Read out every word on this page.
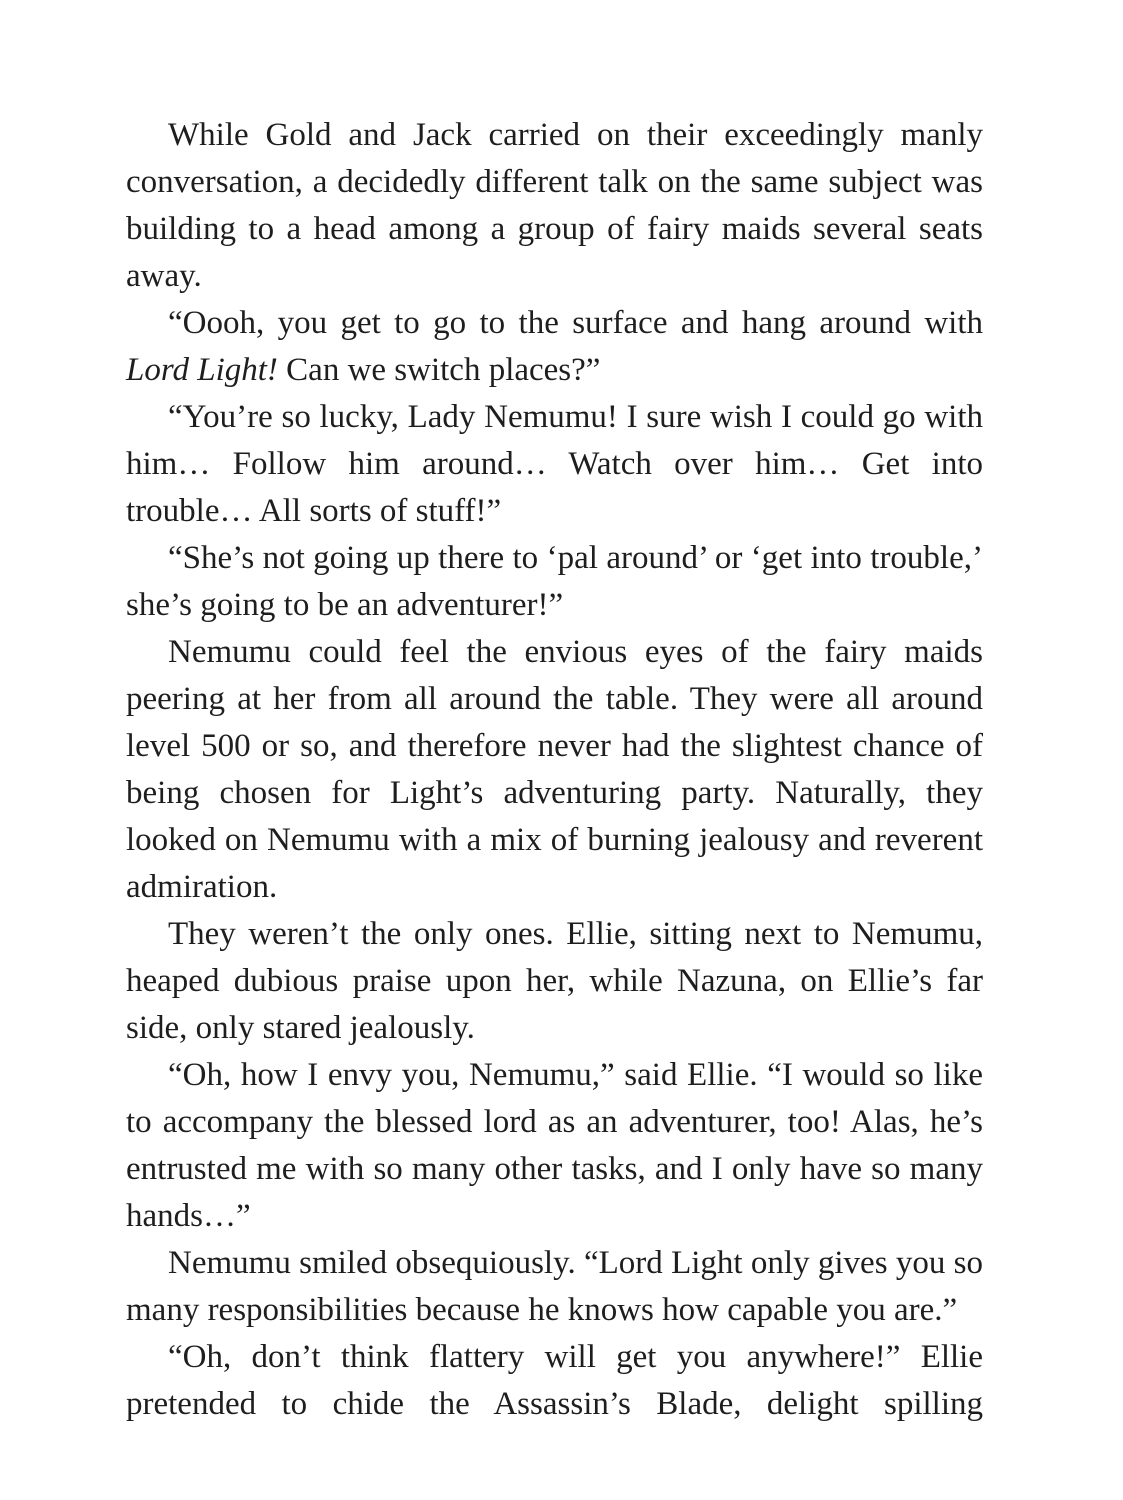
While Gold and Jack carried on their exceedingly manly conversation, a decidedly different talk on the same subject was building to a head among a group of fairy maids several seats away.

“Oooh, you get to go to the surface and hang around with Lord Light! Can we switch places?”

“You’re so lucky, Lady Nemumu! I sure wish I could go with him… Follow him around… Watch over him… Get into trouble… All sorts of stuff!”

“She’s not going up there to ‘pal around’ or ‘get into trouble,’ she’s going to be an adventurer!”

Nemumu could feel the envious eyes of the fairy maids peering at her from all around the table. They were all around level 500 or so, and therefore never had the slightest chance of being chosen for Light’s adventuring party. Naturally, they looked on Nemumu with a mix of burning jealousy and reverent admiration.

They weren’t the only ones. Ellie, sitting next to Nemumu, heaped dubious praise upon her, while Nazuna, on Ellie’s far side, only stared jealously.

“Oh, how I envy you, Nemumu,” said Ellie. “I would so like to accompany the blessed lord as an adventurer, too! Alas, he’s entrusted me with so many other tasks, and I only have so many hands…”

Nemumu smiled obsequiously. “Lord Light only gives you so many responsibilities because he knows how capable you are.”

“Oh, don’t think flattery will get you anywhere!” Ellie pretended to chide the Assassin’s Blade, delight spilling
